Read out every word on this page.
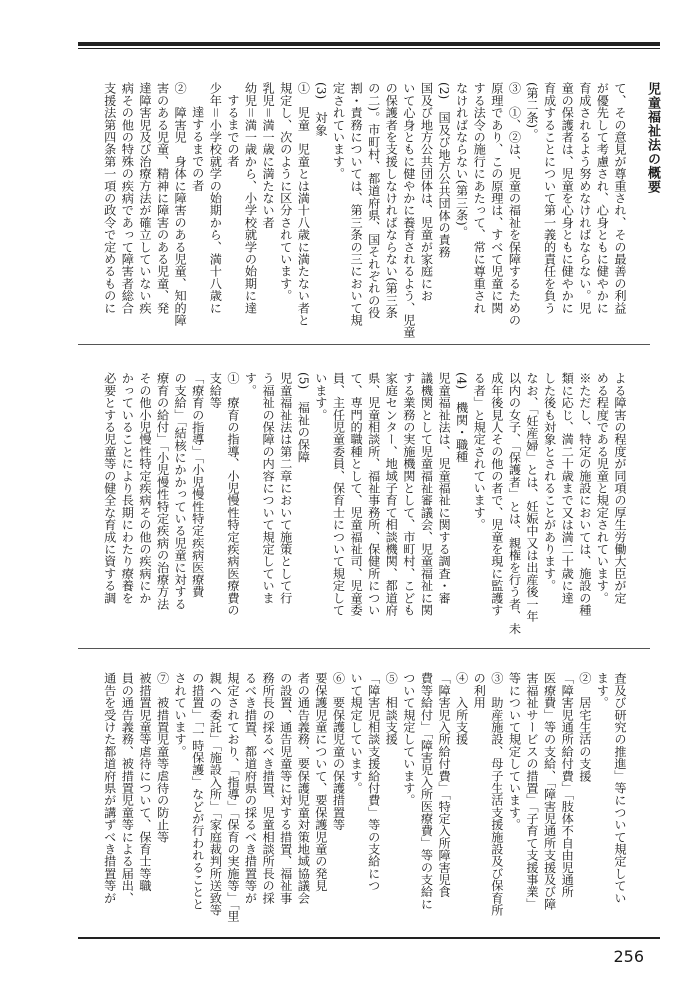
児童福祉法の概要
て、その意見が尊重され、その最善の利益
が優先して考慮され、心身ともに健やかに
育成されるよう努めなければならない。児
童の保護者は、児童を心身ともに健やかに
育成することについて第一義的責任を負う
(第二条)。
③　①、②は、児童の福祉を保障するための
原理であり、この原理は、すべて児童に関
する法令の施行にあたって、常に尊重され
なければならない(第三条)。
(2)　国及び地方公共団体の責務
国及び地方公共団体は、児童が家庭にお
いて心身ともに健やかに養育されるよう、児童
の保護者を支援しなければならない(第三条
の二)。市町村、都道府県、国それぞれの役
割・責務については、第三条の三において規
定されています。
(3)　対象
①　児童　児童とは満十八歳に満たない者と
規定し、次のように区分されています。
乳児＝満一歳に満たない者
幼児＝満一歳から、小学校就学の始期に達
するまでの者
少年＝小学校就学の始期から、満十八歳に
達するまでの者
②　障害児　身体に障害のある児童、知的障
害のある児童、精神に障害のある児童、発
達障害児及び治療方法が確立していない疾
病その他の特殊の疾病であって障害者総合
支援法第四条第一項の政令で定めるものに
よる障害の程度が同項の厚生労働大臣が定
める程度である児童と規定されています。
※ただし、特定の施設においては、施設の種
類に応じ、満二十歳まで又は満二十歳に達
した後も対象とされることがあります。
なお、「妊産婦」とは、妊娠中又は出産後一年
以内の女子、「保護者」とは、親権を行う者、未
成年後見人その他の者で、児童を現に監護す
る者」と規定されています。
(4)　機関・職種
児童福祉法は、児童福祉に関する調査・審
議機関として児童福祉審議会、児童福祉に関
する業務の実施機関として、市町村、こども
家庭センター、地域子育て相談機関、都道府
県、児童相談所、福祉事務所、保健所につい
て、専門的職種として、児童福祉司、児童委
員、主任児童委員、保育士について規定して
います。
(5)　福祉の保障
児童福祉法は第二章において施策として行
う福祉の保障の内容について規定していま
す。
①　療育の指導、小児慢性特定疾病医療費の
支給等
「療育の指導」「小児慢性特定疾病医療費
の支給」「結核にかかっている児童に対する
療育の給付」「小児慢性特定疾病の治療方法
その他小児慢性特定疾病その他の疾病にか
かっていることにより長期にわたり療養を
必要とする児童等の健全な育成に資する調
査及び研究の推進」等について規定してい
ます。
②　居宅生活の支援
「障害児通所給付費」「肢体不自由児通所
医療費」等の支給、「障害児通所支援及び障
害福祉サービスの措置」「子育て支援事業」
等について規定しています。
③　助産施設、母子生活支援施設及び保育所
の利用
④　入所支援
「障害児入所給付費」「特定入所障害児食
費等給付」「障害児入所医療費」等の支給に
ついて規定しています。
⑤　相談支援
「障害児相談支援給付費」等の支給につ
いて規定しています。
⑥　要保護児童の保護措置等
要保護児童について、要保護児童の発見
者の通告義務、要保護児童対策地域協議会
の設置、通告児童等に対する措置、福祉事
務所長の採るべき措置、児童相談所長の採
るべき措置、都道府県の採るべき措置等が
規定されており、「指導」「保育の実施等」「里
親への委託」「施設入所」「家庭裁判所送致等
の措置」「一時保護」などが行われることと
されています。
⑦　被措置児童等虐待の防止等
被措置児童等虐待について、保育士等職
員の通告義務、被措置児童等による届出、
通告を受けた都道府県が講ずべき措置等が
256
